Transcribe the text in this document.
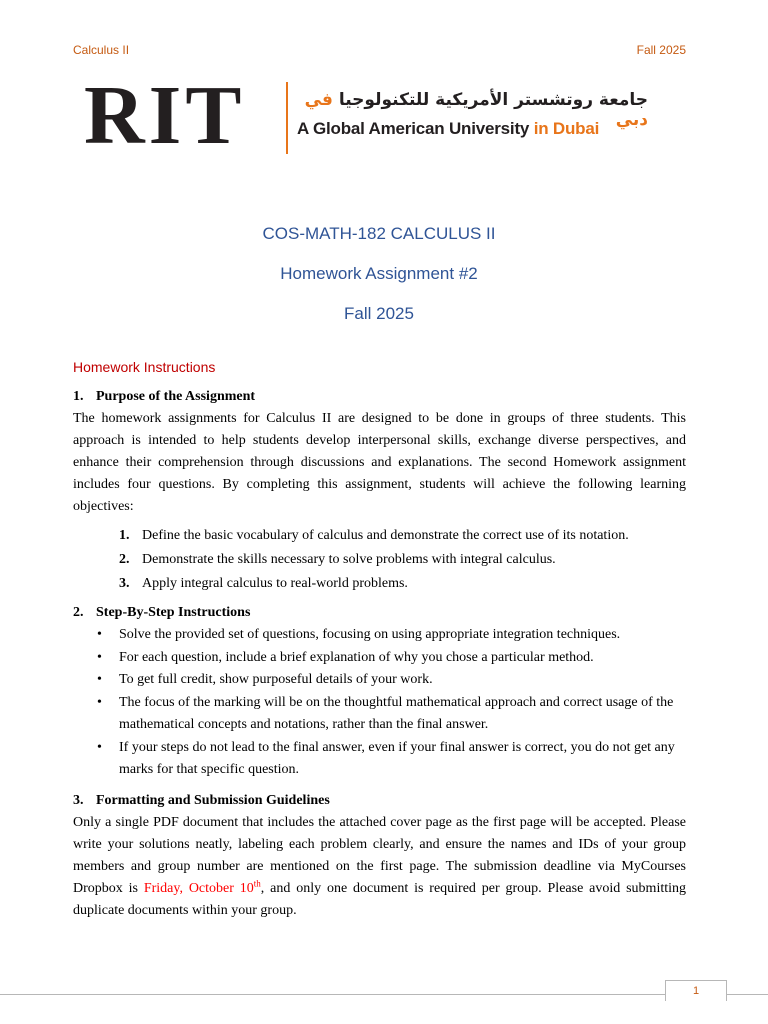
Calculus II	Fall 2025
RIT	جامعة روتشستر الأمريكية للتكنولوجيا في دبي
A Global American University in Dubai
COS-MATH-182 CALCULUS II
Homework Assignment #2
Fall 2025
Homework Instructions

1. Purpose of the Assignment

The homework assignments for Calculus II are designed to be done in groups of three students. This approach is intended to help students develop interpersonal skills, exchange diverse perspectives, and enhance their comprehension through discussions and explanations. The second Homework assignment includes four questions. By completing this assignment, students will achieve the following learning objectives:

1. Define the basic vocabulary of calculus and demonstrate the correct use of its notation.
2. Demonstrate the skills necessary to solve problems with integral calculus.
3. Apply integral calculus to real-world problems.

2. Step-By-Step Instructions

• Solve the provided set of questions, focusing on using appropriate integration techniques.
• For each question, include a brief explanation of why you chose a particular method.
• To get full credit, show purposeful details of your work.
• The focus of the marking will be on the thoughtful mathematical approach and correct usage of the mathematical concepts and notations, rather than the final answer.
• If your steps do not lead to the final answer, even if your final answer is correct, you do not get any marks for that specific question.

3. Formatting and Submission Guidelines

Only a single PDF document that includes the attached cover page as the first page will be accepted. Please write your solutions neatly, labeling each problem clearly, and ensure the names and IDs of your group members and group number are mentioned on the first page. The submission deadline via MyCourses Dropbox is Friday, October 10th, and only one document is required per group. Please avoid submitting duplicate documents within your group.

1
